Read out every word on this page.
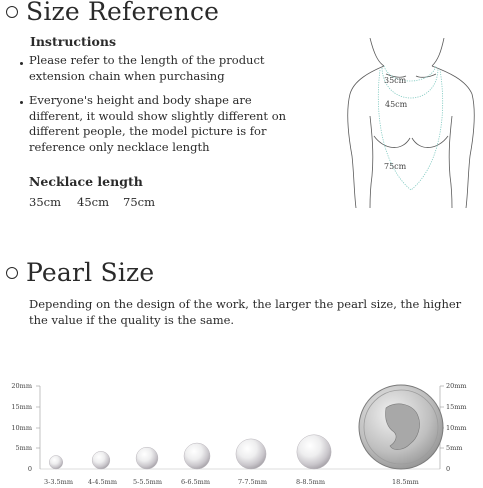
Size Reference
Instructions
Please refer to the length of the product extension chain when purchasing
Everyone's height and body shape are different, it would show slightly different on different people, the model picture is for reference only necklace length
Necklace length
35cm 45cm 75cm
35cm
45cm
75cm
Pearl Size
Depending on the design of the work, the larger the pearl size, the higher the value if the quality is the same.
20mm
15mm
10mm
5mm
0
20mm
15mm
10mm
5mm
0
3-3.5mm 4-4.5mm 5-5.5mm	6-6.5mm	7-7.5mm	8-8.5mm	18.5mm
